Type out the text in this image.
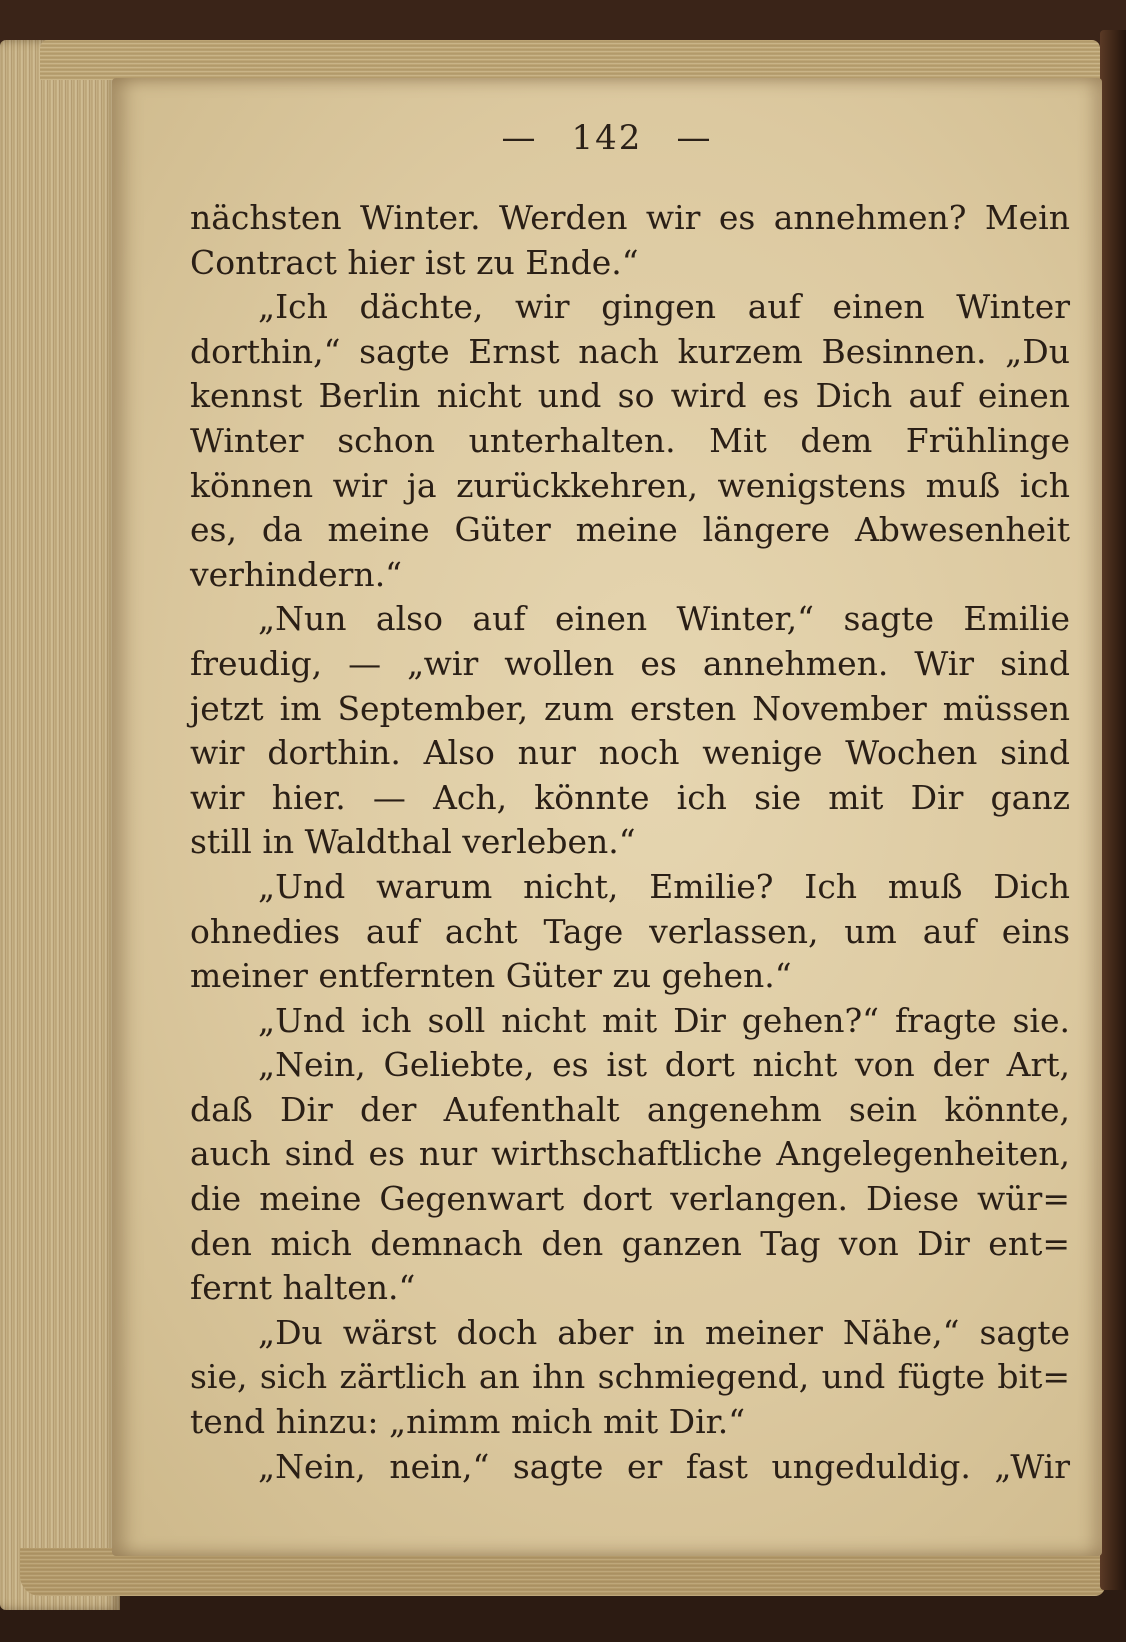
— 142 —
nächsten Winter. Werden wir es annehmen? Mein
Contract hier ist zu Ende.“
„Ich dächte, wir gingen auf einen Winter
dorthin,“ sagte Ernst nach kurzem Besinnen. „Du
kennst Berlin nicht und so wird es Dich auf einen
Winter schon unterhalten. Mit dem Frühlinge
können wir ja zurückkehren, wenigstens muß ich
es, da meine Güter meine längere Abwesenheit
verhindern.“
„Nun also auf einen Winter,“ sagte Emilie
freudig, — „wir wollen es annehmen. Wir sind
jetzt im September, zum ersten November müssen
wir dorthin. Also nur noch wenige Wochen sind
wir hier. — Ach, könnte ich sie mit Dir ganz
still in Waldthal verleben.“
„Und warum nicht, Emilie? Ich muß Dich
ohnedies auf acht Tage verlassen, um auf eins
meiner entfernten Güter zu gehen.“
„Und ich soll nicht mit Dir gehen?“ fragte sie.
„Nein, Geliebte, es ist dort nicht von der Art,
daß Dir der Aufenthalt angenehm sein könnte,
auch sind es nur wirthschaftliche Angelegenheiten,
die meine Gegenwart dort verlangen. Diese wür=
den mich demnach den ganzen Tag von Dir ent=
fernt halten.“
„Du wärst doch aber in meiner Nähe,“ sagte
sie, sich zärtlich an ihn schmiegend, und fügte bit=
tend hinzu: „nimm mich mit Dir.“
„Nein, nein,“ sagte er fast ungeduldig. „Wir
